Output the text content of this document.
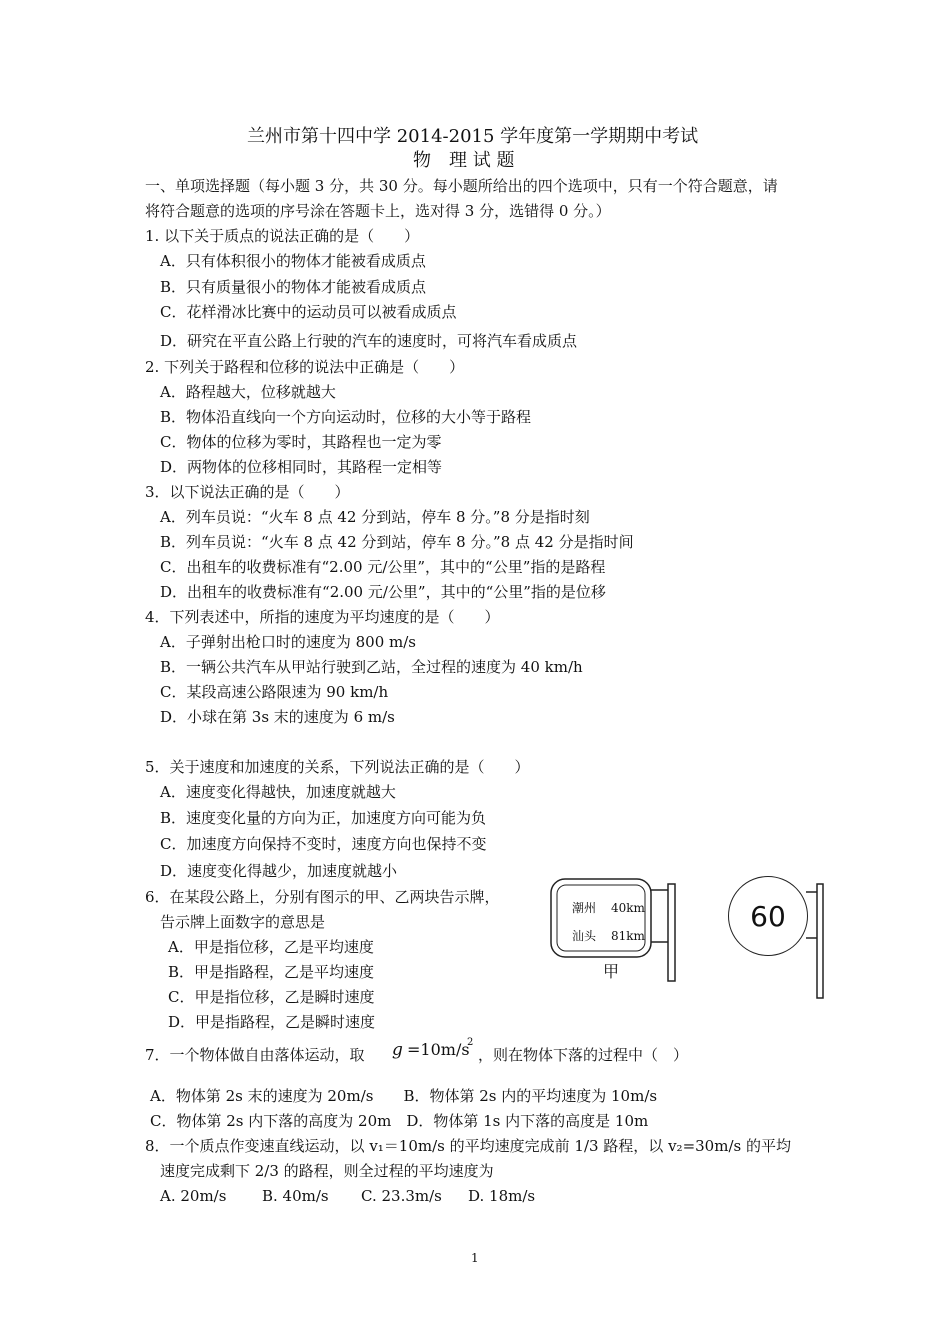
兰州市第十四中学 2014-2015 学年度第一学期期中考试
物　理 试 题
一、单项选择题（每小题 3 分，共 30 分。每小题所给出的四个选项中，只有一个符合题意，请
将符合题意的选项的序号涂在答题卡上，选对得 3 分，选错得 0 分。）
1. 以下关于质点的说法正确的是（　　）
A．只有体积很小的物体才能被看成质点
B．只有质量很小的物体才能被看成质点
C．花样滑冰比赛中的运动员可以被看成质点
D．研究在平直公路上行驶的汽车的速度时，可将汽车看成质点
2. 下列关于路程和位移的说法中正确是（　　）
A．路程越大，位移就越大
B．物体沿直线向一个方向运动时，位移的大小等于路程
C．物体的位移为零时，其路程也一定为零
D．两物体的位移相同时，其路程一定相等
3．以下说法正确的是（　　）
A．列车员说：“火车 8 点 42 分到站，停车 8 分。”8 分是指时刻
B．列车员说：“火车 8 点 42 分到站，停车 8 分。”8 点 42 分是指时间
C．出租车的收费标准有“2.00 元/公里”，其中的“公里”指的是路程
D．出租车的收费标准有“2.00 元/公里”，其中的“公里”指的是位移
4．下列表述中，所指的速度为平均速度的是（　　）
A．子弹射出枪口时的速度为 800 m/s
B．一辆公共汽车从甲站行驶到乙站，全过程的速度为 40 km/h
C．某段高速公路限速为 90 km/h
D．小球在第 3s 末的速度为 6 m/s
5．关于速度和加速度的关系，下列说法正确的是（　　）
A．速度变化得越快，加速度就越大
B．速度变化量的方向为正，加速度方向可能为负
C．加速度方向保持不变时，速度方向也保持不变
D．速度变化得越少，加速度就越小
6．在某段公路上，分别有图示的甲、乙两块告示牌，
告示牌上面数字的意思是
A．甲是指位移，乙是平均速度
B．甲是指路程，乙是平均速度
C．甲是指位移，乙是瞬时速度
D．甲是指路程，乙是瞬时速度
潮州 40km
汕头 81km
甲
60
7．一个物体做自由落体运动，取 g =10m/s
2
，则在物体下落的过程中（　）
A．物体第 2s 末的速度为 20m/s　　B．物体第 2s 内的平均速度为 10m/s
C．物体第 2s 内下落的高度为 20m　D．物体第 1s 内下落的高度是 10m
8．一个质点作变速直线运动，以 v₁＝10m/s 的平均速度完成前 1/3 路程，以 v₂=30m/s 的平均
速度完成剩下 2/3 的路程，则全过程的平均速度为
A. 20m/s B. 40m/s C. 23.3m/s D. 18m/s
1
